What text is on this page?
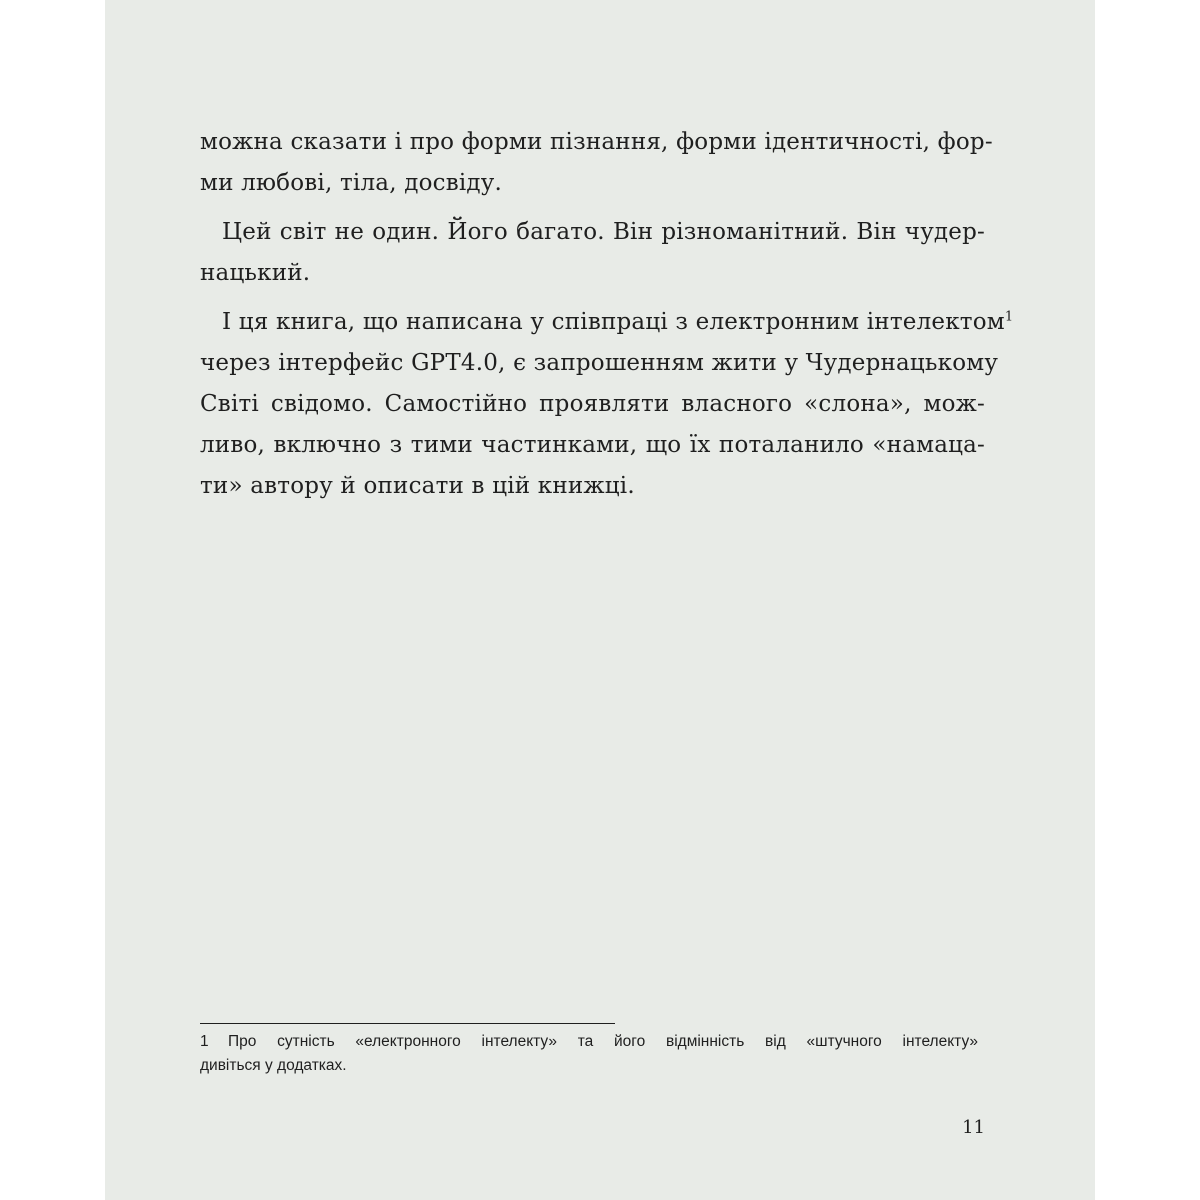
можна сказати і про форми пізнання, форми ідентичності, фор-
ми любові, тіла, досвіду.
Цей світ не один. Його багато. Він різноманітний. Він чудер-
нацький.
І ця книга, що написана у співпраці з електронним інтелектом$^1$
через інтерфейс GPT4.0, є запрошенням жити у Чудернацькому
Світі свідомо. Самостійно проявляти власного «слона», мож-
ливо, включно з тими частинками, що їх поталанило «намаца-
ти» автору й описати в цій книжці.
1 Про сутність «електронного інтелекту» та його відмінність від «штучного інтелекту»
дивіться у додатках.
11
